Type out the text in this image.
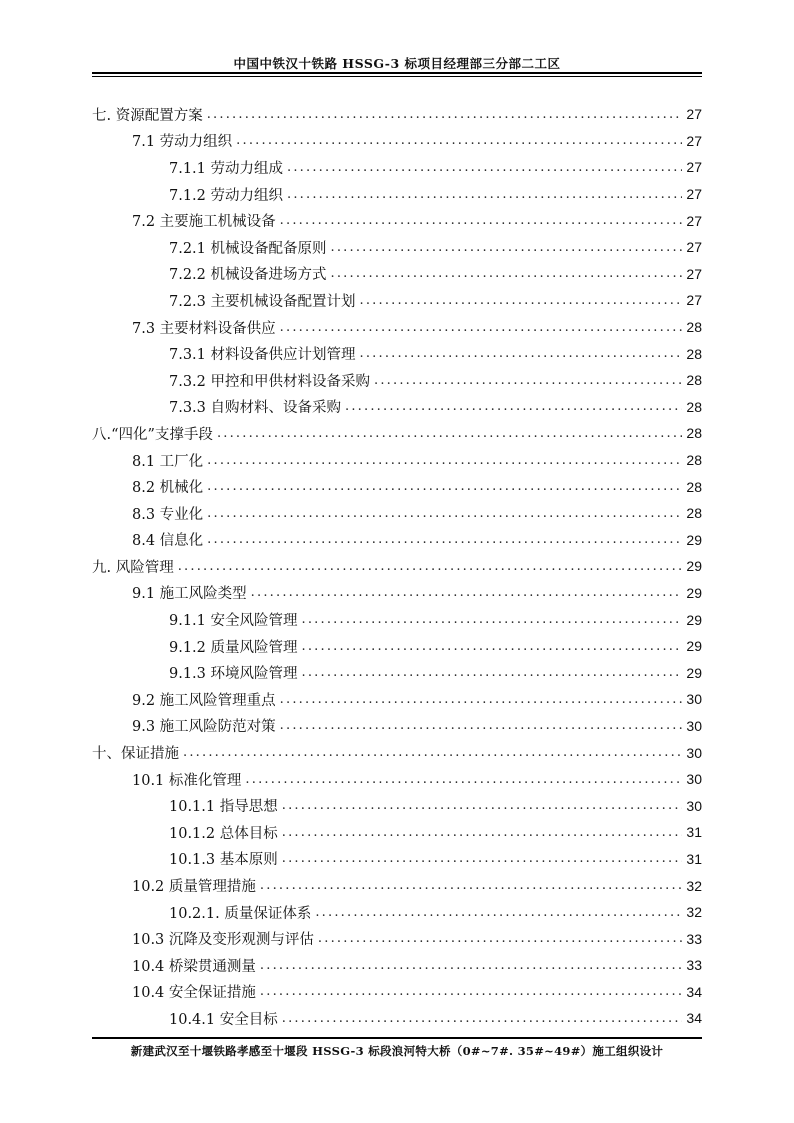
中国中铁汉十铁路 HSSG-3 标项目经理部三分部二工区
七. 资源配置方案 .....	27
7.1 劳动力组织 .....	27
7.1.1 劳动力组成 .....	27
7.1.2 劳动力组织 .....	27
7.2 主要施工机械设备 .....	27
7.2.1 机械设备配备原则 .....	27
7.2.2 机械设备进场方式 .....	27
7.2.3 主要机械设备配置计划 .....	27
7.3 主要材料设备供应 .....	28
7.3.1 材料设备供应计划管理 .....	28
7.3.2 甲控和甲供材料设备采购 .....	28
7.3.3 自购材料、设备采购 .....	28
八.“四化”支撑手段 .....	28
8.1 工厂化 .....	28
8.2 机械化 .....	28
8.3 专业化 .....	28
8.4 信息化 .....	29
九. 风险管理 .....	29
9.1 施工风险类型 .....	29
9.1.1 安全风险管理 .....	29
9.1.2 质量风险管理 .....	29
9.1.3 环境风险管理 .....	29
9.2 施工风险管理重点 .....	30
9.3 施工风险防范对策 .....	30
十、保证措施 .....	30
10.1 标准化管理 .....	30
10.1.1 指导思想 .....	30
10.1.2 总体目标 .....	31
10.1.3 基本原则 .....	31
10.2 质量管理措施 .....	32
10.2.1. 质量保证体系 .....	32
10.3 沉降及变形观测与评估 .....	33
10.4 桥梁贯通测量 .....	33
10.4 安全保证措施 .....	34
10.4.1 安全目标 .....	34
新建武汉至十堰铁路孝感至十堰段 HSSG-3 标段浪河特大桥（0#~7#. 35#~49#）施工组织设计
